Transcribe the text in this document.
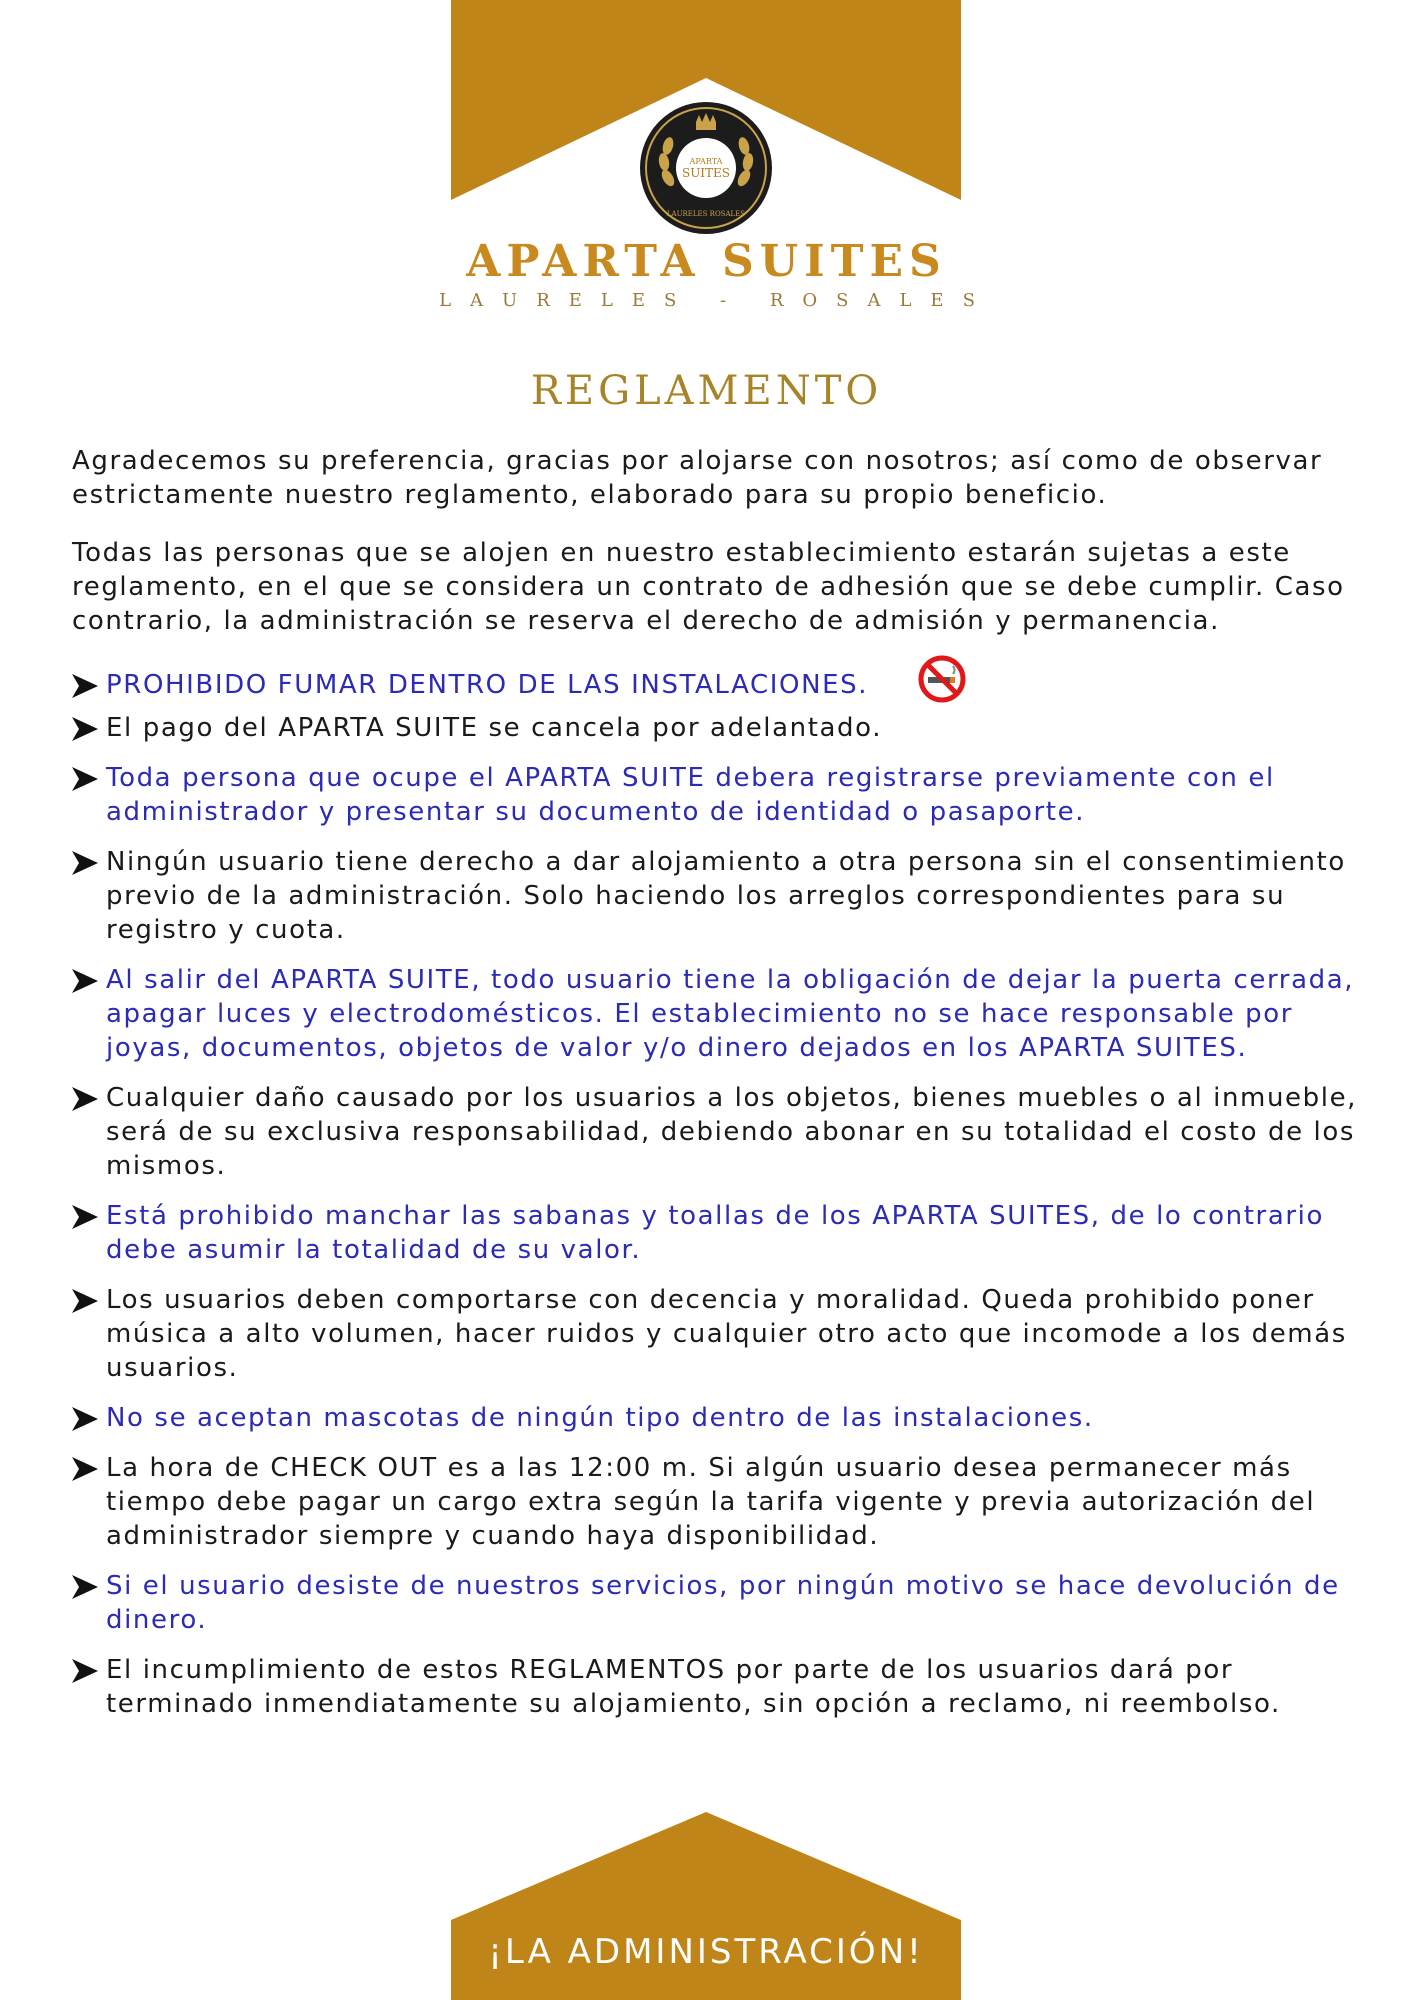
APARTA
SUITES
LAURELES ROSALES
APARTA SUITES
LAURELES - ROSALES
REGLAMENTO

Agradecemos su preferencia, gracias por alojarse con nosotros; así como de observar estrictamente nuestro reglamento, elaborado para su propio beneficio.

Todas las personas que se alojen en nuestro establecimiento estarán sujetas a este reglamento, en el que se considera un contrato de adhesión que se debe cumplir. Caso contrario, la administración se reserva el derecho de admisión y permanencia.

PROHIBIDO FUMAR DENTRO DE LAS INSTALACIONES.
El pago del APARTA SUITE se cancela por adelantado.
Toda persona que ocupe el APARTA SUITE debera registrarse previamente con el administrador y presentar su documento de identidad o pasaporte.
Ningún usuario tiene derecho a dar alojamiento a otra persona sin el consentimiento previo de la administración. Solo haciendo los arreglos correspondientes para su registro y cuota.
Al salir del APARTA SUITE, todo usuario tiene la obligación de dejar la puerta cerrada, apagar luces y electrodomésticos. El establecimiento no se hace responsable por joyas, documentos, objetos de valor y/o dinero dejados en los APARTA SUITES.
Cualquier daño causado por los usuarios a los objetos, bienes muebles o al inmueble, será de su exclusiva responsabilidad, debiendo abonar en su totalidad el costo de los mismos.
Está prohibido manchar las sabanas y toallas de los APARTA SUITES, de lo contrario debe asumir la totalidad de su valor.
Los usuarios deben comportarse con decencia y moralidad. Queda prohibido poner música a alto volumen, hacer ruidos y cualquier otro acto que incomode a los demás usuarios.
No se aceptan mascotas de ningún tipo dentro de las instalaciones.
La hora de CHECK OUT es a las 12:00 m. Si algún usuario desea permanecer más tiempo debe pagar un cargo extra según la tarifa vigente y previa autorización del administrador siempre y cuando haya disponibilidad.
Si el usuario desiste de nuestros servicios, por ningún motivo se hace devolución de dinero.
El incumplimiento de estos REGLAMENTOS por parte de los usuarios dará por terminado inmendiatamente su alojamiento, sin opción a reclamo, ni reembolso.
¡LA ADMINISTRACIÓN!
